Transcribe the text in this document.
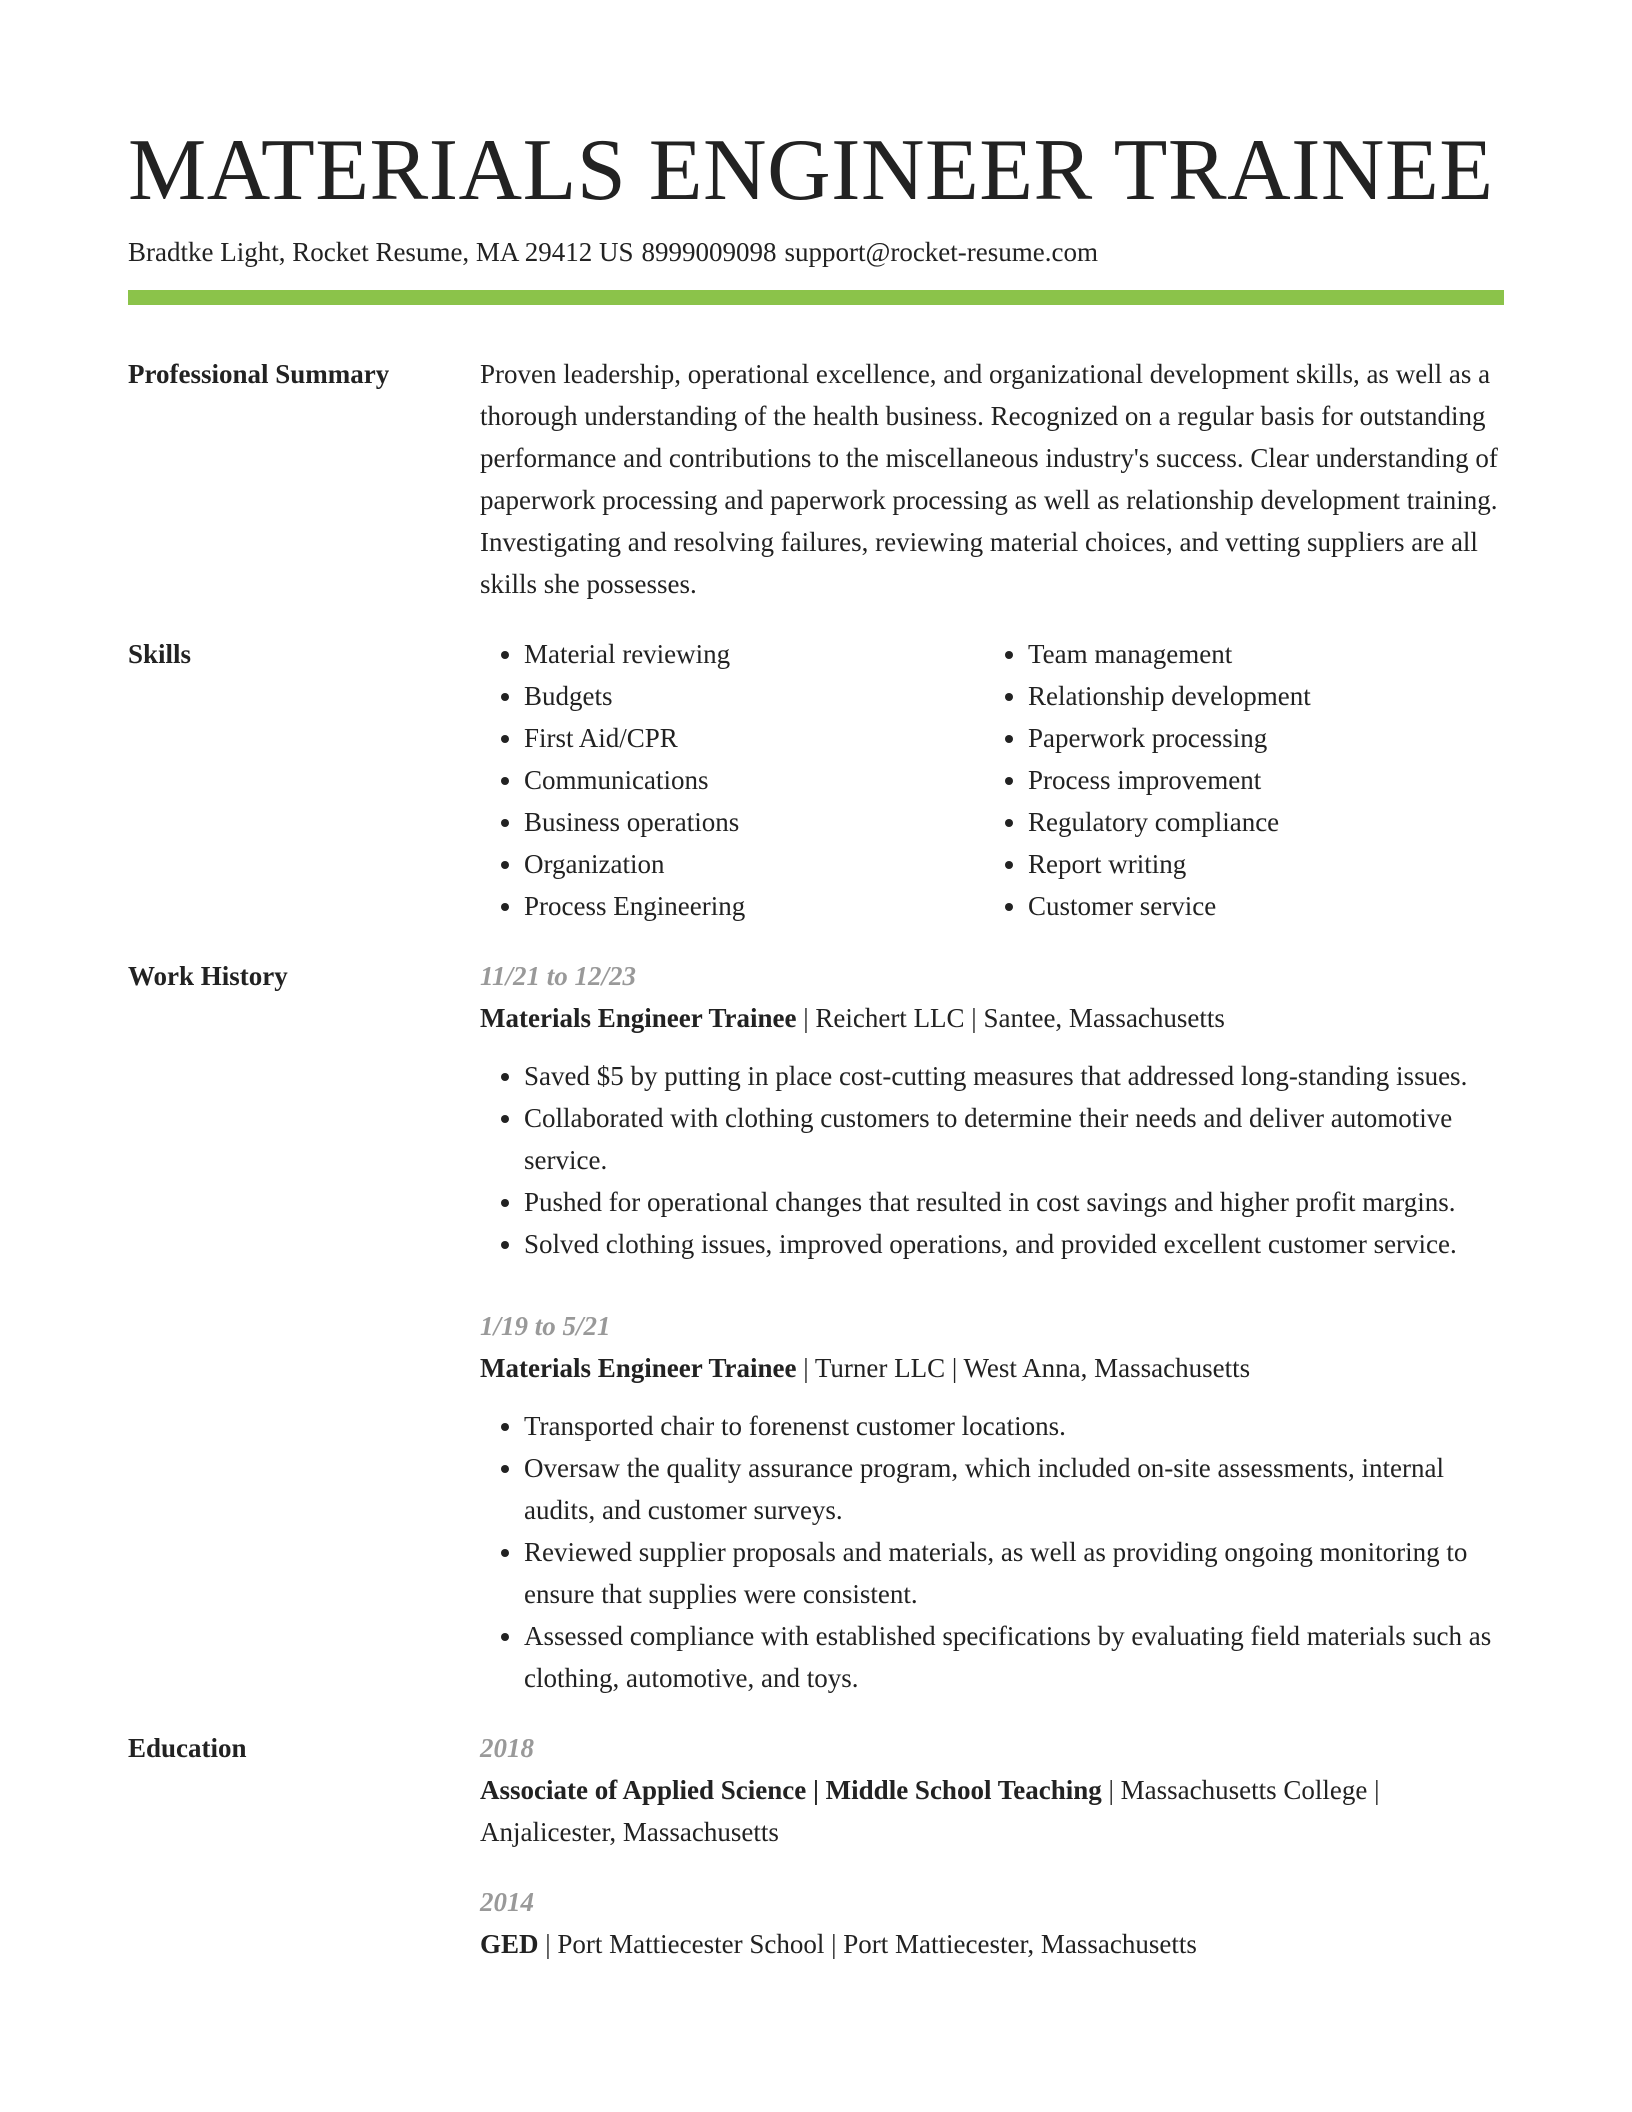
MATERIALS ENGINEER TRAINEE
Bradtke Light, Rocket Resume, MA 29412 US 8999009098 support@rocket-resume.com
Professional Summary	Proven leadership, operational excellence, and organizational development skills, as well as a thorough understanding of the health business. Recognized on a regular basis for outstanding performance and contributions to the miscellaneous industry's success. Clear understanding of paperwork processing and paperwork processing as well as relationship development training. Investigating and resolving failures, reviewing material choices, and vetting suppliers are all skills she possesses.

Skills
•	Material reviewing
• Budgets
• First Aid/CPR
• Communications
• Business operations
• Organization
• Process Engineering
• Team management
• Relationship development
• Paperwork processing
• Process improvement
• Regulatory compliance
• Report writing
• Customer service
Work History	11/21 to 12/23
Materials Engineer Trainee | Reichert LLC | Santee, Massachusetts
• Saved $5 by putting in place cost-cutting measures that addressed long-standing issues.
• Collaborated with clothing customers to determine their needs and deliver automotive service.
• Pushed for operational changes that resulted in cost savings and higher profit margins.
• Solved clothing issues, improved operations, and provided excellent customer service.
1/19 to 5/21
Materials Engineer Trainee | Turner LLC | West Anna, Massachusetts
• Transported chair to forenenst customer locations.
• Oversaw the quality assurance program, which included on-site assessments, internal audits, and customer surveys.
• Reviewed supplier proposals and materials, as well as providing ongoing monitoring to ensure that supplies were consistent.
• Assessed compliance with established specifications by evaluating field materials such as clothing, automotive, and toys.
Education	2018
Associate of Applied Science | Middle School Teaching | Massachusetts College | Anjalicester, Massachusetts
2014
GED | Port Mattiecester School | Port Mattiecester, Massachusetts
